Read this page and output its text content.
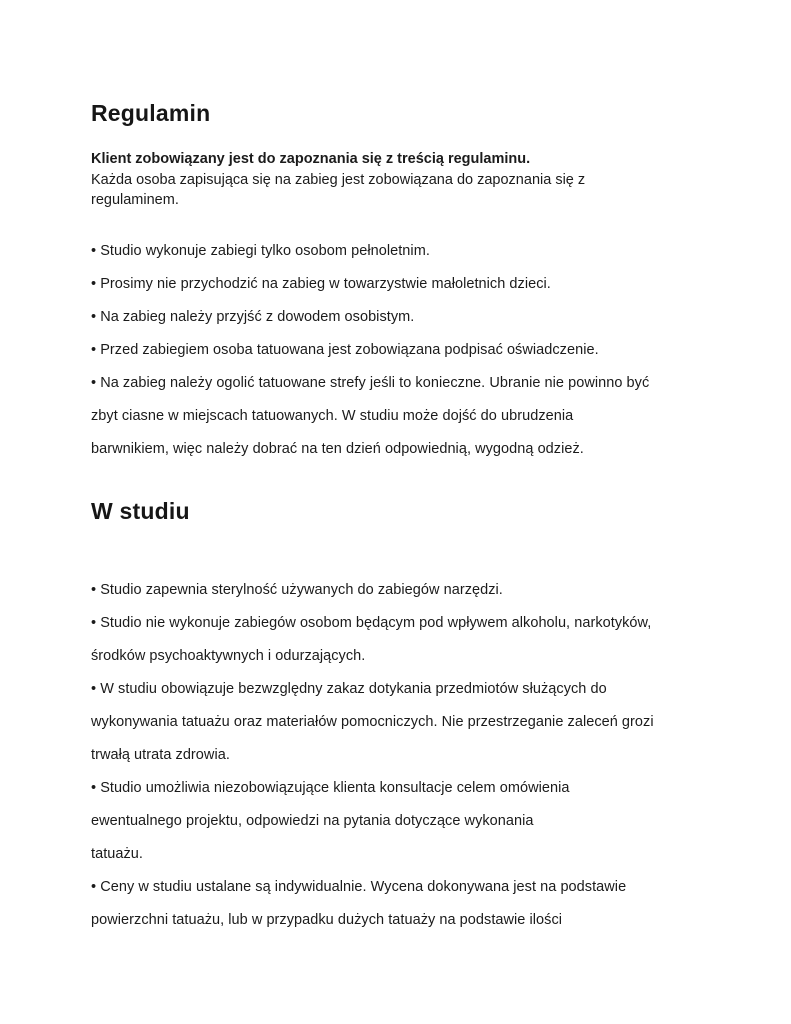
Regulamin
Klient zobowiązany jest do zapoznania się z treścią regulaminu.
Każda osoba zapisująca się na zabieg jest zobowiązana do zapoznania się z
regulaminem.
• Studio wykonuje zabiegi tylko osobom pełnoletnim.
• Prosimy nie przychodzić na zabieg w towarzystwie małoletnich dzieci.
• Na zabieg należy przyjść z dowodem osobistym.
• Przed zabiegiem osoba tatuowana jest zobowiązana podpisać oświadczenie.
• Na zabieg należy ogolić tatuowane strefy jeśli to konieczne. Ubranie nie powinno być
zbyt ciasne w miejscach tatuowanych. W studiu może dojść do ubrudzenia
barwnikiem, więc należy dobrać na ten dzień odpowiednią, wygodną odzież.
W studiu
• Studio zapewnia sterylność używanych do zabiegów narzędzi.
• Studio nie wykonuje zabiegów osobom będącym pod wpływem alkoholu, narkotyków,
środków psychoaktywnych i odurzających.
• W studiu obowiązuje bezwzględny zakaz dotykania przedmiotów służących do
wykonywania tatuażu oraz materiałów pomocniczych. Nie przestrzeganie zaleceń grozi
trwałą utrata zdrowia.
• Studio umożliwia niezobowiązujące klienta konsultacje celem omówienia
ewentualnego projektu, odpowiedzi na pytania dotyczące wykonania
tatuażu.
• Ceny w studiu ustalane są indywidualnie. Wycena dokonywana jest na podstawie
powierzchni tatuażu, lub w przypadku dużych tatuaży na podstawie ilości
